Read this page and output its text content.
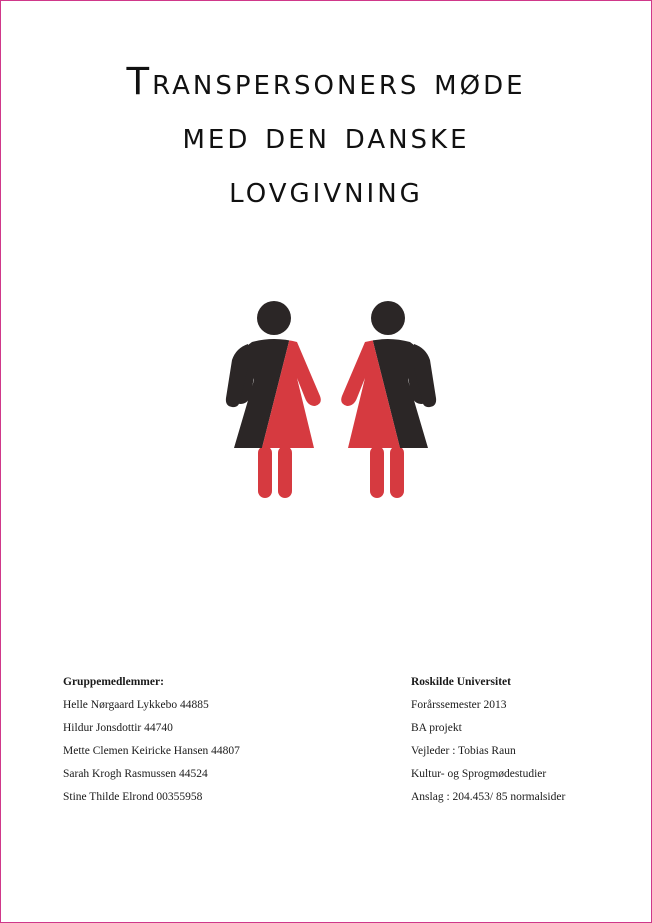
Transpersoners møde
med den danske
lovgivning
Gruppemedlemmer:
Helle Nørgaard Lykkebo 44885
Hildur Jonsdottir 44740
Mette Clemen Keiricke Hansen 44807
Sarah Krogh Rasmussen 44524
Stine Thilde Elrond 00355958
Roskilde Universitet
Forårssemester 2013
BA projekt
Vejleder : Tobias Raun
Kultur- og Sprogmødestudier
Anslag : 204.453/ 85 normalsider
